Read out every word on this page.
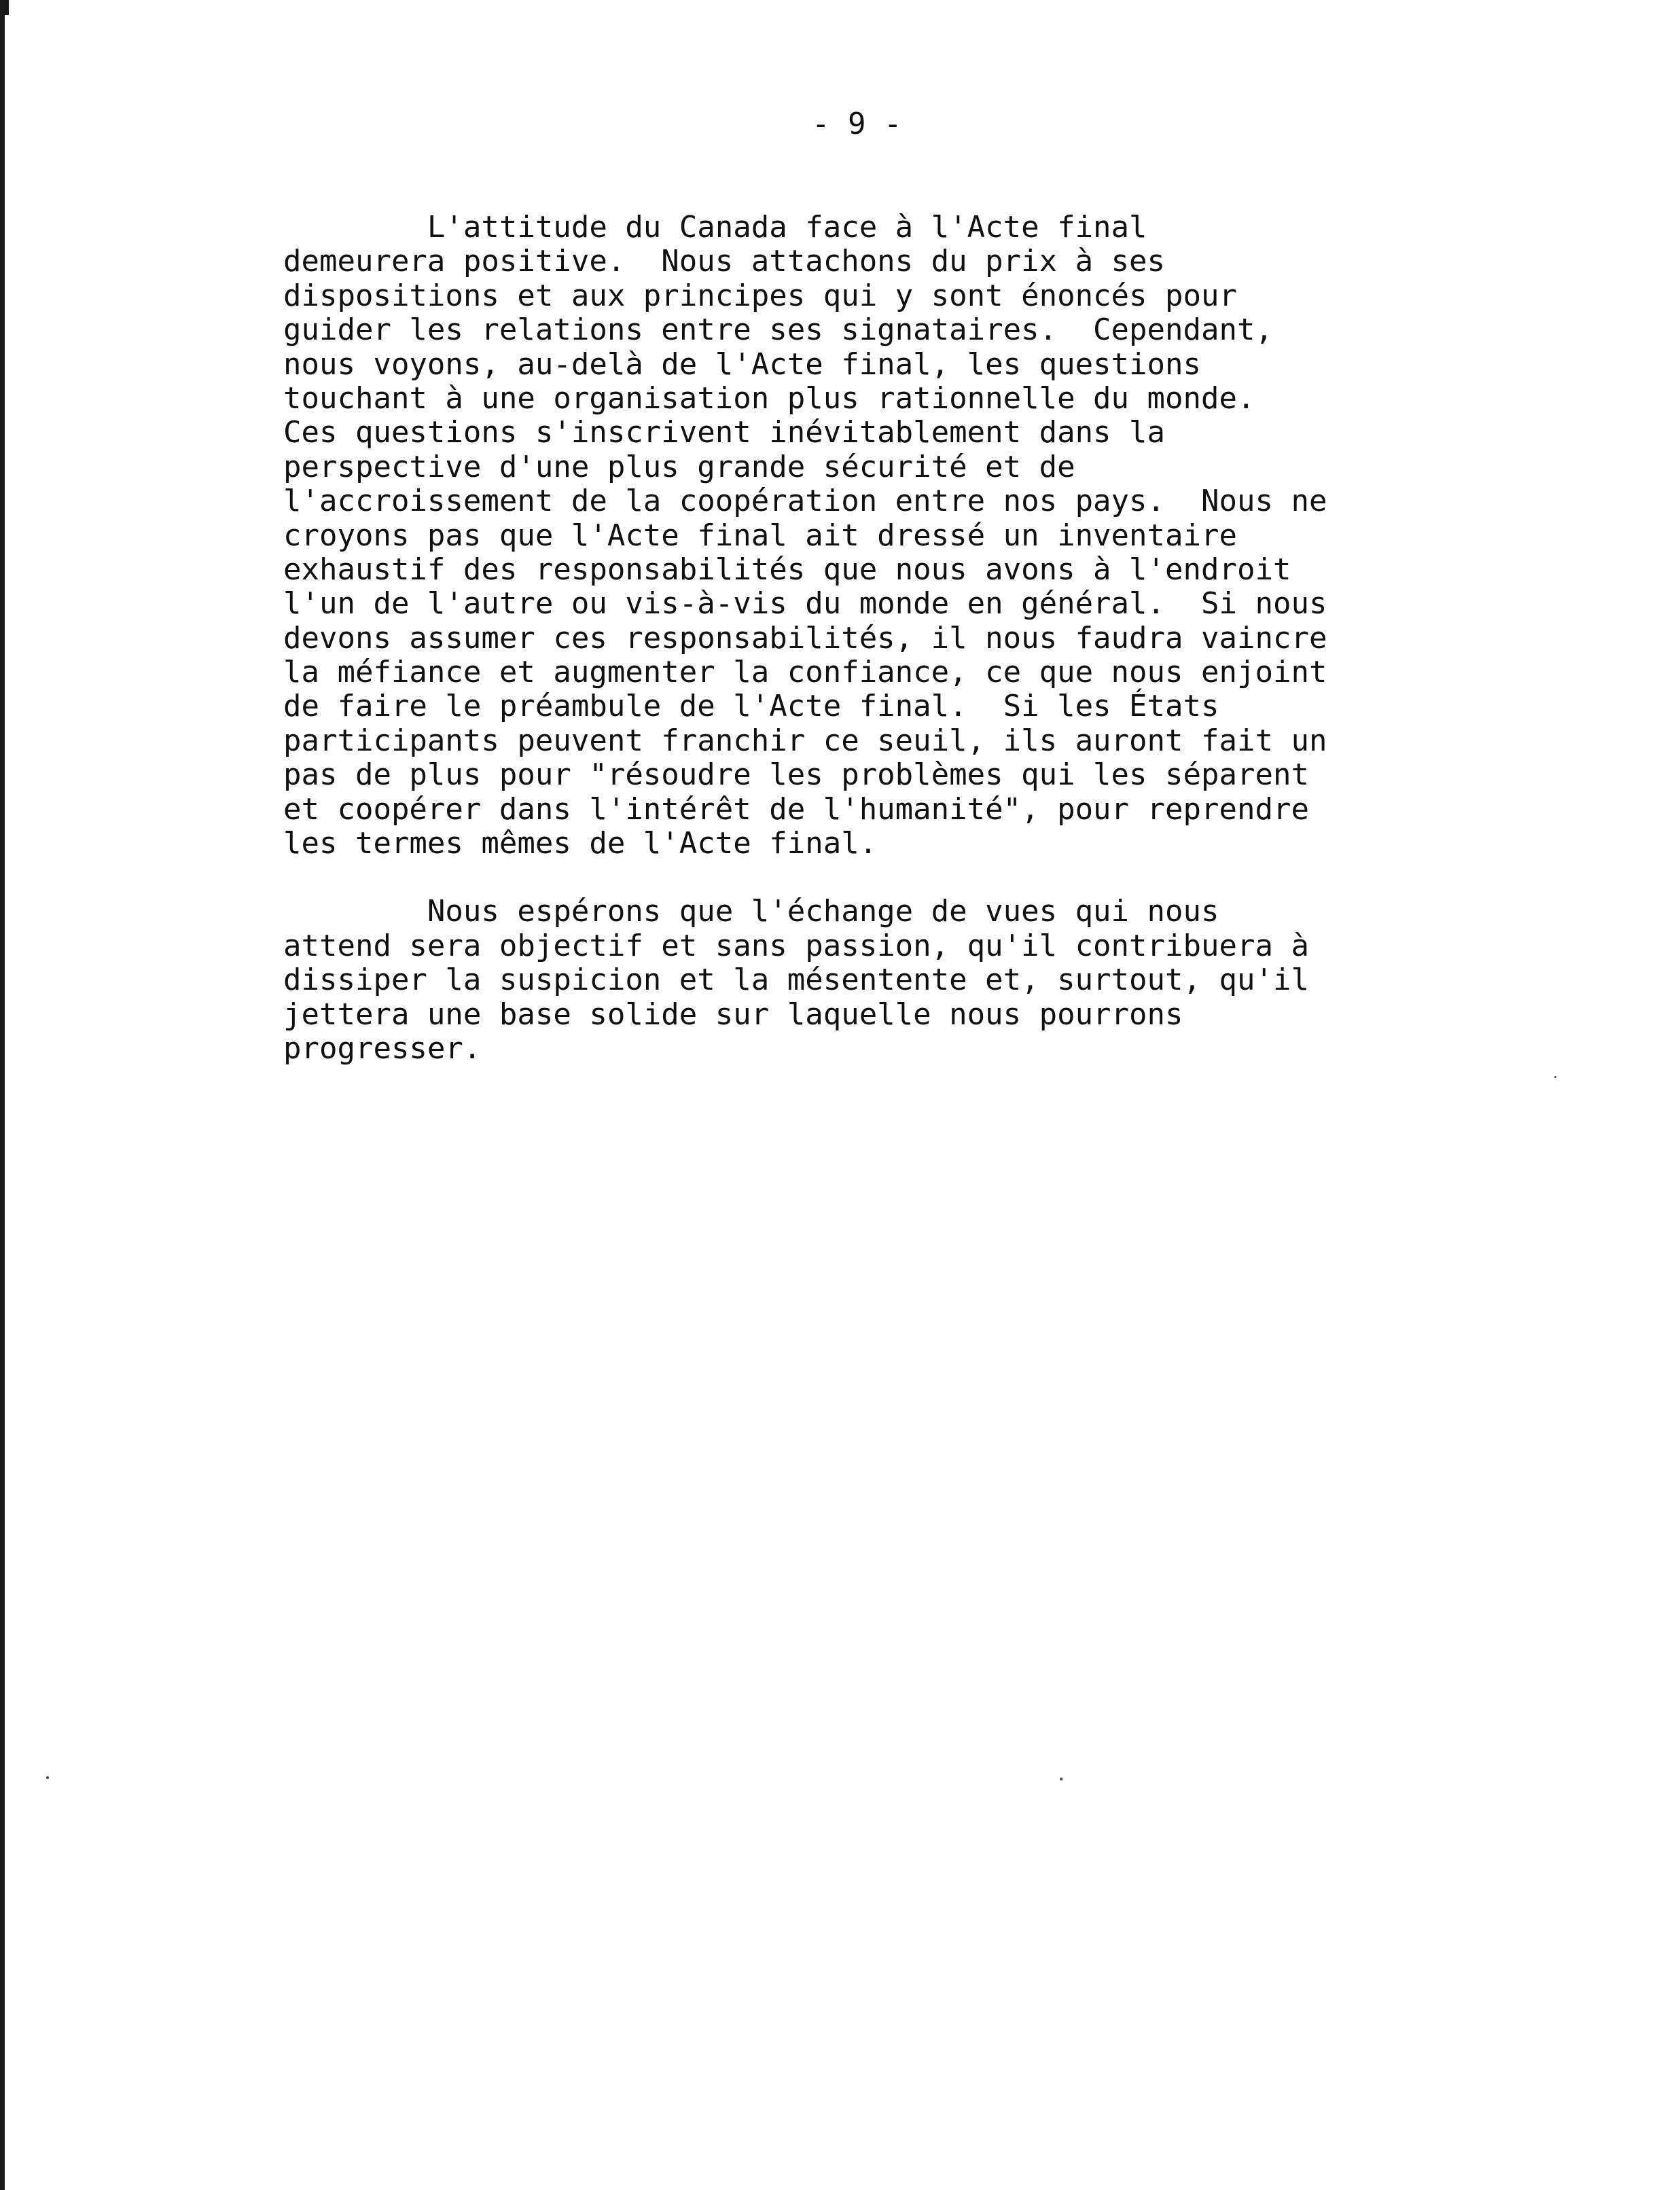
- 9 -
L'attitude du Canada face à l'Acte final
demeurera positive.  Nous attachons du prix à ses
dispositions et aux principes qui y sont énoncés pour
guider les relations entre ses signataires.  Cependant,
nous voyons, au-delà de l'Acte final, les questions
touchant à une organisation plus rationnelle du monde.
Ces questions s'inscrivent inévitablement dans la
perspective d'une plus grande sécurité et de
l'accroissement de la coopération entre nos pays.  Nous ne
croyons pas que l'Acte final ait dressé un inventaire
exhaustif des responsabilités que nous avons à l'endroit
l'un de l'autre ou vis-à-vis du monde en général.  Si nous
devons assumer ces responsabilités, il nous faudra vaincre
la méfiance et augmenter la confiance, ce que nous enjoint
de faire le préambule de l'Acte final.  Si les États
participants peuvent franchir ce seuil, ils auront fait un
pas de plus pour "résoudre les problèmes qui les séparent
et coopérer dans l'intérêt de l'humanité", pour reprendre
les termes mêmes de l'Acte final.
Nous espérons que l'échange de vues qui nous
attend sera objectif et sans passion, qu'il contribuera à
dissiper la suspicion et la mésentente et, surtout, qu'il
jettera une base solide sur laquelle nous pourrons
progresser.
